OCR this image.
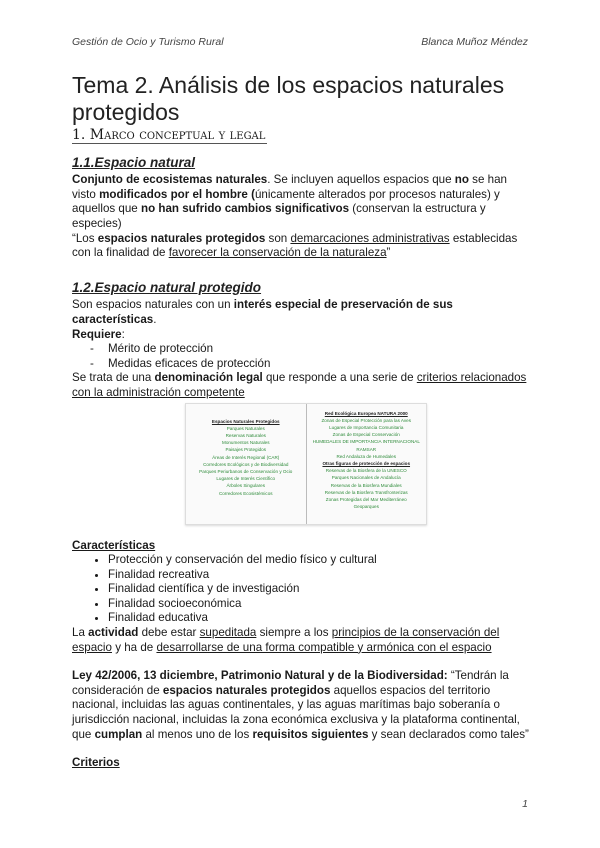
Gestión de Ocio y Turismo Rural	Blanca Muñoz Méndez
Tema 2. Análisis de los espacios naturales protegidos
1. Marco conceptual y legal
1.1.Espacio natural

Conjunto de ecosistemas naturales. Se incluyen aquellos espacios que no se han visto modificados por el hombre (únicamente alterados por procesos naturales) y aquellos que no han sufrido cambios significativos (conservan la estructura y especies)

“Los espacios naturales protegidos son demarcaciones administrativas establecidas con la finalidad de favorecer la conservación de la naturaleza”

1.2.Espacio natural protegido

Son espacios naturales con un interés especial de preservación de sus características.
Requiere:

- Mérito de protección
- Medidas eficaces de protección

Se trata de una denominación legal que responde a una serie de criterios relacionados con la administración competente

Espacios Naturales Protegidos
Parques Naturales
Reservas Naturales
Monumentos Naturales
Paisajes Protegidos
Áreas de Interés Regional (CAR)
Corredores Ecológicos y de Biodiversidad
Parques Periurbanos de Conservación y Ocio
Lugares de Interés Científico
Árboles Singulares
Corredores Ecosistémicos
Red Ecológica Europea NATURA 2000
Zonas de Especial Protección para las Aves
Lugares de Importancia Comunitaria
Zonas de Especial Conservación
HUMEDALES DE IMPORTANCIA INTERNACIONAL RAMSAR
Red Andaluza de Humedales
Otras figuras de protección de espacios
Reservas de la Biosfera de la UNESCO
Parques Nacionales de Andalucía
Reservas de la Biosfera Mundiales
Reservas de la Biosfera Transfronterizas
Zonas Protegidas del Mar Mediterráneo
Geoparques

Características

• Protección y conservación del medio físico y cultural
• Finalidad recreativa
• Finalidad científica y de investigación
• Finalidad socioeconómica
• Finalidad educativa

La actividad debe estar supeditada siempre a los principios de la conservación del espacio y ha de desarrollarse de una forma compatible y armónica con el espacio

Ley 42/2006, 13 diciembre, Patrimonio Natural y de la Biodiversidad: “Tendrán la consideración de espacios naturales protegidos aquellos espacios del territorio nacional, incluidas las aguas continentales, y las aguas marítimas bajo soberanía o jurisdicción nacional, incluidas la zona económica exclusiva y la plataforma continental, que cumplan al menos uno de los requisitos siguientes y sean declarados como tales”

Criterios

1
